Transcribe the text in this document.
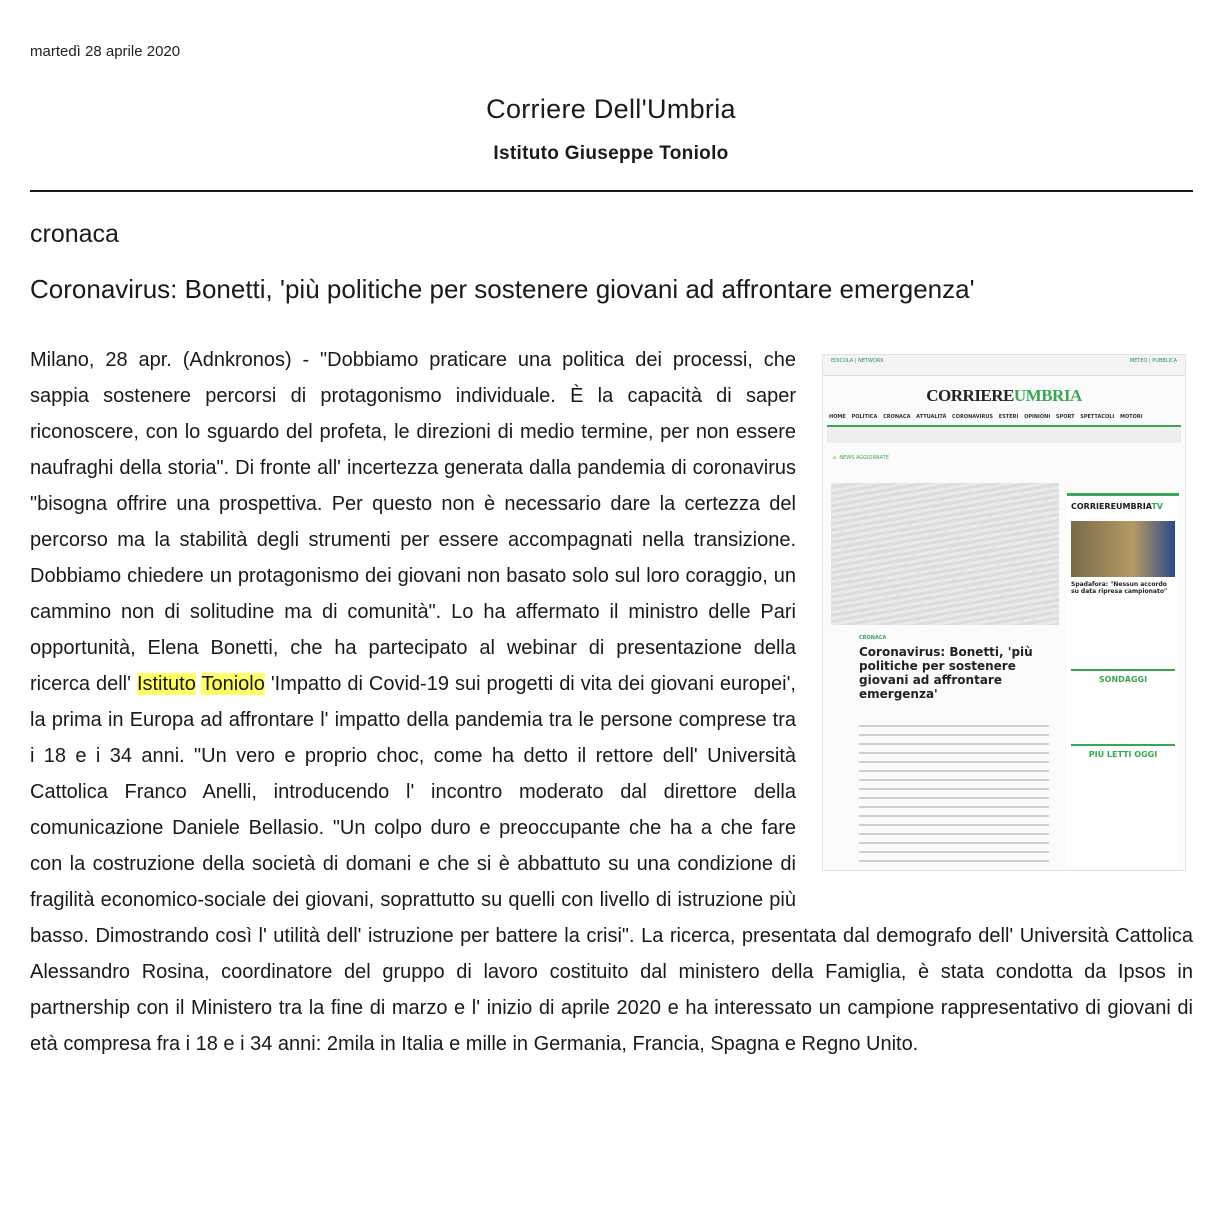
martedì 28 aprile 2020
Corriere Dell'Umbria
Istituto Giuseppe Toniolo
cronaca
Coronavirus: Bonetti, 'più politiche per sostenere giovani ad affrontare emergenza'
EDICOLA | NETWORK	METEO | PUBBLICA
CORRIEREUMBRIA
HOME POLITICA CRONACA ATTUALITÀ CORONAVIRUS ESTERI OPINIONI SPORT SPETTACOLI MOTORI
⌂  NEWS AGGIORNATE
CRONACA
Coronavirus: Bonetti, 'più politiche per sostenere giovani ad affrontare emergenza'
CORRIEREUMBRIATV
Spadafora: "Nessun accordo su data ripresa campionato"
SONDAGGI
PIÙ LETTI OGGI
Milano, 28 apr. (Adnkronos) - "Dobbiamo praticare una politica dei processi, che sappia sostenere percorsi di protagonismo individuale. È la capacità di saper riconoscere, con lo sguardo del profeta, le direzioni di medio termine, per non essere naufraghi della storia". Di fronte all' incertezza generata dalla pandemia di coronavirus "bisogna offrire una prospettiva. Per questo non è necessario dare la certezza del percorso ma la stabilità degli strumenti per essere accompagnati nella transizione. Dobbiamo chiedere un protagonismo dei giovani non basato solo sul loro coraggio, un cammino non di solitudine ma di comunità". Lo ha affermato il ministro delle Pari opportunità, Elena Bonetti, che ha partecipato al webinar di presentazione della ricerca dell' Istituto Toniolo 'Impatto di Covid-19 sui progetti di vita dei giovani europei', la prima in Europa ad affrontare l' impatto della pandemia tra le persone comprese tra i 18 e i 34 anni. "Un vero e proprio choc, come ha detto il rettore dell' Università Cattolica Franco Anelli, introducendo l' incontro moderato dal direttore della comunicazione Daniele Bellasio. "Un colpo duro e preoccupante che ha a che fare con la costruzione della società di domani e che si è abbattuto su una condizione di fragilità economico-sociale dei giovani, soprattutto su quelli con livello di istruzione più basso. Dimostrando così l' utilità dell' istruzione per battere la crisi". La ricerca, presentata dal demografo dell' Università Cattolica Alessandro Rosina, coordinatore del gruppo di lavoro costituito dal ministero della Famiglia, è stata condotta da Ipsos in partnership con il Ministero tra la fine di marzo e l' inizio di aprile 2020 e ha interessato un campione rappresentativo di giovani di età compresa fra i 18 e i 34 anni: 2mila in Italia e mille in Germania, Francia, Spagna e Regno Unito.
